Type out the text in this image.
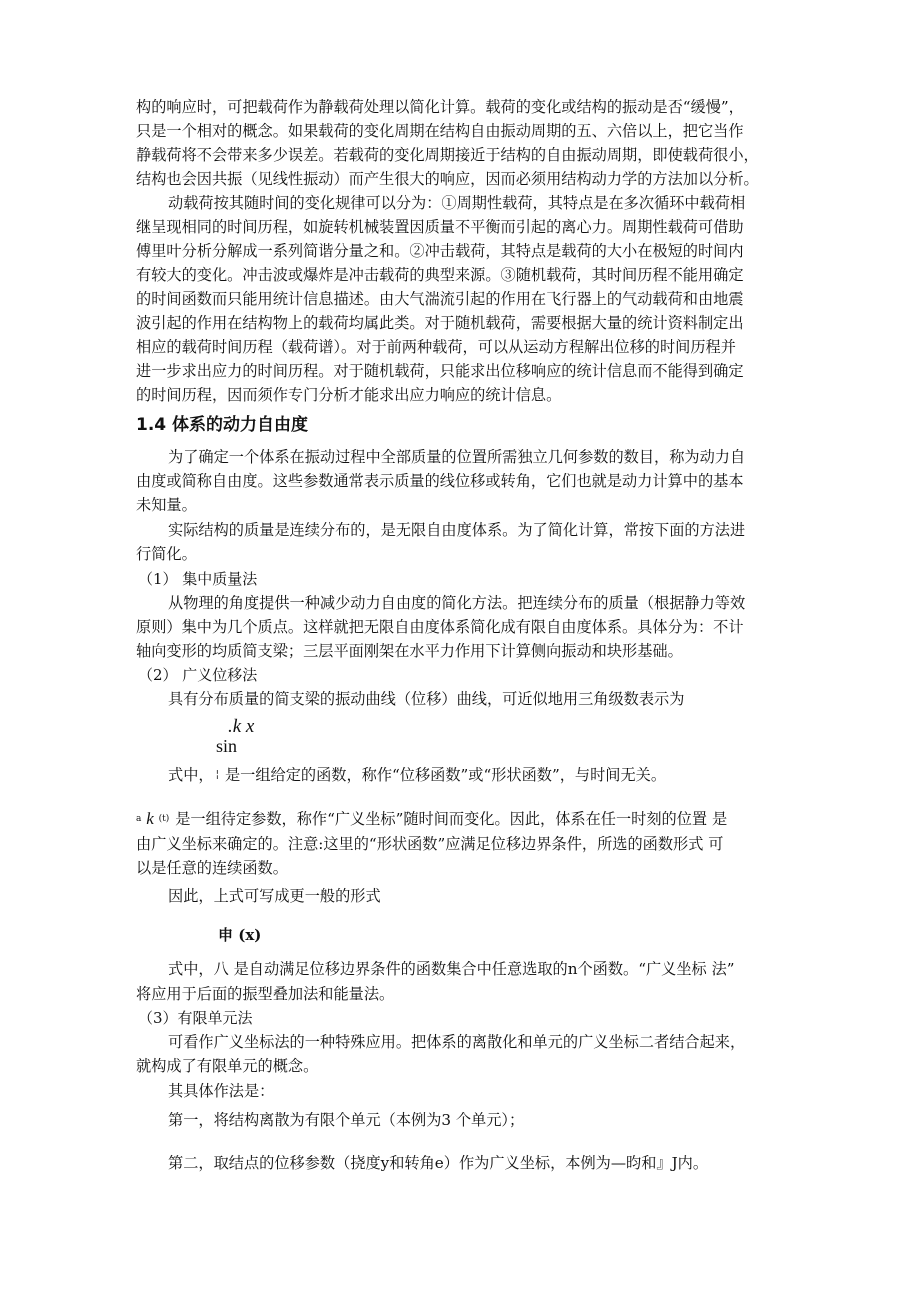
构的响应时，可把载荷作为静载荷处理以简化计算。载荷的变化或结构的振动是否“缓慢”，
只是一个相对的概念。如果载荷的变化周期在结构自由振动周期的五、六倍以上，把它当作
静载荷将不会带来多少误差。若载荷的变化周期接近于结构的自由振动周期，即使载荷很小，
结构也会因共振（见线性振动）而产生很大的响应，因而必须用结构动力学的方法加以分析。
动载荷按其随时间的变化规律可以分为：①周期性载荷，其特点是在多次循环中载荷相
继呈现相同的时间历程，如旋转机械装置因质量不平衡而引起的离心力。周期性载荷可借助
傅里叶分析分解成一系列简谐分量之和。②冲击载荷，其特点是载荷的大小在极短的时间内
有较大的变化。冲击波或爆炸是冲击载荷的典型来源。③随机载荷，其时间历程不能用确定
的时间函数而只能用统计信息描述。由大气湍流引起的作用在飞行器上的气动载荷和由地震
波引起的作用在结构物上的载荷均属此类。对于随机载荷，需要根据大量的统计资料制定出
相应的载荷时间历程（载荷谱）。对于前两种载荷，可以从运动方程解出位移的时间历程并
进一步求出应力的时间历程。对于随机载荷，只能求出位移响应的统计信息而不能得到确定
的时间历程，因而须作专门分析才能求出应力响应的统计信息。
1.4 体系的动力自由度
为了确定一个体系在振动过程中全部质量的位置所需独立几何参数的数目，称为动力自
由度或简称自由度。这些参数通常表示质量的线位移或转角，它们也就是动力计算中的基本
未知量。
实际结构的质量是连续分布的，是无限自由度体系。为了简化计算，常按下面的方法进
行简化。
（1） 集中质量法
从物理的角度提供一种减少动力自由度的简化方法。把连续分布的质量（根据静力等效
原则）集中为几个质点。这样就把无限自由度体系简化成有限自由度体系。具体分为：不计
轴向变形的均质简支梁；三层平面刚架在水平力作用下计算侧向振动和块形基础。
（2） 广义位移法
具有分布质量的简支梁的振动曲线（位移）曲线，可近似地用三角级数表示为
.k x
sin
式中， ¦ 是一组给定的函数，称作“位移函数”或“形状函数”，与时间无关。
$^a$ k $^{(t)}$ 是一组待定参数，称作“广义坐标”随时间而变化。因此，体系在任一时刻的位置 是
由广义坐标来确定的。注意:这里的“形状函数”应满足位移边界条件，所选的函数形式 可
以是任意的连续函数。
因此，上式可写成更一般的形式
申 (x)
式中，八 是自动满足位移边界条件的函数集合中任意选取的n个函数。“广义坐标 法”
将应用于后面的振型叠加法和能量法。
（3）有限单元法
可看作广义坐标法的一种特殊应用。把体系的离散化和单元的广义坐标二者结合起来，
就构成了有限单元的概念。
其具体作法是：
第一，将结构离散为有限个单元（本例为3 个单元）；
第二，取结点的位移参数（挠度y和转角e）作为广义坐标，本例为—昀和』J内。
